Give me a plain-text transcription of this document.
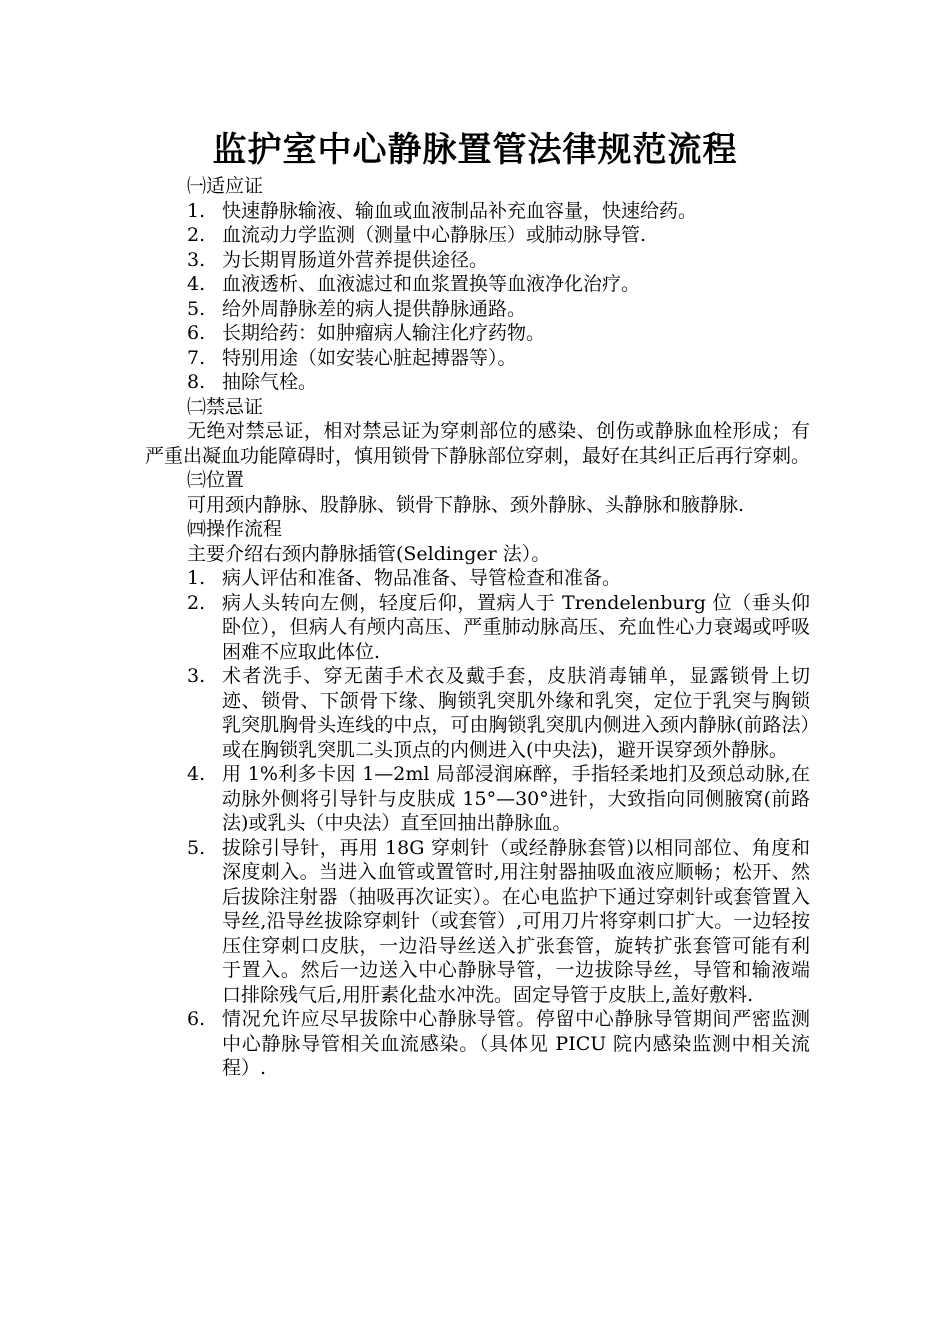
监护室中心静脉置管法律规范流程
㈠适应证
1. 快速静脉输液、输血或血液制品补充血容量，快速给药。
2. 血流动力学监测（测量中心静脉压）或肺动脉导管.
3. 为长期胃肠道外营养提供途径。
4. 血液透析、血液滤过和血浆置换等血液净化治疗。
5. 给外周静脉差的病人提供静脉通路。
6. 长期给药：如肿瘤病人输注化疗药物。
7. 特别用途（如安装心脏起搏器等）。
8. 抽除气栓。
㈡禁忌证

无绝对禁忌证，相对禁忌证为穿刺部位的感染、创伤或静脉血栓形成；有严重出凝血功能障碍时，慎用锁骨下静脉部位穿刺，最好在其纠正后再行穿刺。

㈢位置

可用颈内静脉、股静脉、锁骨下静脉、颈外静脉、头静脉和腋静脉.

㈣操作流程

主要介绍右颈内静脉插管(Seldinger 法）。

1. 病人评估和准备、物品准备、导管检查和准备。
2. 病人头转向左侧，轻度后仰，置病人于 Trendelenburg 位（垂头仰卧位），但病人有颅内高压、严重肺动脉高压、充血性心力衰竭或呼吸困难不应取此体位.
3. 术者洗手、穿无菌手术衣及戴手套，皮肤消毒铺单，显露锁骨上切迹、锁骨、下颌骨下缘、胸锁乳突肌外缘和乳突，定位于乳突与胸锁乳突肌胸骨头连线的中点，可由胸锁乳突肌内侧进入颈内静脉(前路法）或在胸锁乳突肌二头顶点的内侧进入(中央法)，避开误穿颈外静脉。
4. 用 1%利多卡因 1—2ml 局部浸润麻醉，手指轻柔地扪及颈总动脉,在动脉外侧将引导针与皮肤成 15°—30°进针，大致指向同侧腋窝(前路法)或乳头（中央法）直至回抽出静脉血。
5. 拔除引导针，再用 18G 穿刺针（或经静脉套管)以相同部位、角度和深度刺入。当进入血管或置管时,用注射器抽吸血液应顺畅；松开、然后拔除注射器（抽吸再次证实）。在心电监护下通过穿刺针或套管置入导丝,沿导丝拔除穿刺针（或套管）,可用刀片将穿刺口扩大。一边轻按压住穿刺口皮肤，一边沿导丝送入扩张套管，旋转扩张套管可能有利于置入。然后一边送入中心静脉导管，一边拔除导丝，导管和输液端口排除残气后,用肝素化盐水冲洗。固定导管于皮肤上,盖好敷料.
6. 情况允许应尽早拔除中心静脉导管。停留中心静脉导管期间严密监测中心静脉导管相关血流感染。（具体见 PICU 院内感染监测中相关流程）.
